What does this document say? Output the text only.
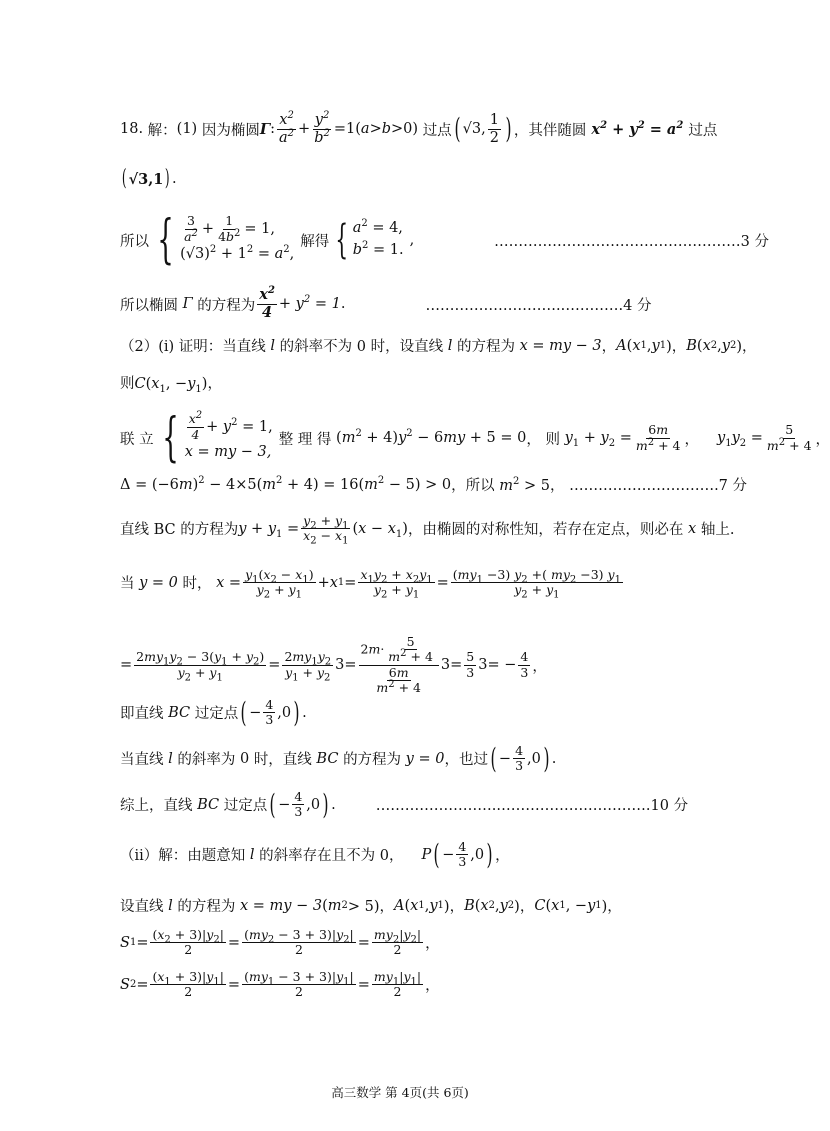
18.
解： (1)
因为椭圆 Γ : $\frac{x^2}{a^2} + \frac{y^2}{b^2} =1(a>b>0)$
过点 ( √3, $\frac{1}{2}$ ) ，其伴随圆 $x^2 + y^2 = a^2$ 过点
( √3,1 ) .
所以 { $\frac{3}{a^2} + \frac{1}{4b^2} = 1$,
$(√3)^2 + 1^2 = a^2$,
解得 { $a^2 = 4$,
$b^2 = 1$.
,	……………………………………………3 分
所以椭圆 Γ 的方程为 $\frac{x^2}{4} + y^2 = 1$ .	……………………….………….4 分
（2）(i) 证明：当直线 l 的斜率不为 0 时，设直线 l 的方程为 x = my − 3 ， A ( x 1 , y 1 )， B ( x 2 , y 2 )，
则 $C(x_1$, $-y_1$)，
联 立 { $\frac{x^2}{4} + y^2 = 1$,
x = my − 3,
整 理 得
$(m^2 + 4)y^2 - 6my + 5 = 0$ ， 则
$y_1 + y_2 = \frac{6m}{m^2 + 4}$ ， $y_1y_2 = \frac{5}{m^2 + 4}$ ，
$\Delta = (-6m)^2 - 4\times 5(m^2 + 4) = 16(m^2 - 5) > 0$ ，所以 $m^2 > 5$， ………………………….7 分
直线 BC 的方程为 $y + y_1 = \frac{y_2 + y_1}{x_2 - x_1} (x - x_1)$ ，由椭圆的对称性知，若存在定点，则必在 x 轴上.
当 y = 0 时， $x = \frac{y_1(x_2 - x_1)}{y_2 + y_1} + x$ $1 = \frac{x_1y_2 + x_2y_1}{y_2 + y_1} = \frac{(my_1 -3) y_2 +( my_2 -3) y_1}{y_2 + y_1}$
= $\frac{2my_1y_2 - 3(y_1 + y_2)}{y_2 + y_1} = \frac{2my_1y_2}{y_1 + y_2} 3= \frac{2m\cdot \frac{5}{m^2 + 4}}{\frac{6m}{m^2 + 4}} 3= \frac{5}{3} 3= - \frac{4}{3}$ ，
即直线 BC 过定点 ( − $\frac{4}{3} ,0$ ) .
当直线 l 的斜率为 0 时，直线 BC 的方程为 y = 0 ，也过 ( − $\frac{4}{3} ,0$ ) .
综上，直线 BC 过定点 ( − $\frac{4}{3} ,0$ ) .	…………………….……………….………….10 分
（ii）解：由题意知 l 的斜率存在且不为 0， P ( − $\frac{4}{3} ,0$ ) ，
设直线 l 的方程为 x = my − 3 ( m 2 > 5)， A ( x 1 , y 1 )， B ( x 2 , y 2 )， C ( x 1 , − y 1 )，
S $1 = \frac{(x_2 + 3)|y_2|}{2} = \frac{(my_2 - 3 + 3)|y_2|}{2} = \frac{my_2|y_2|}{2}$ ，
S $2 = \frac{(x_1 + 3)|y_1|}{2} = \frac{(my_1 - 3 + 3)|y_1|}{2} = \frac{my_1|y_1|}{2}$ ，
高三数学 第 4页(共 6页)
